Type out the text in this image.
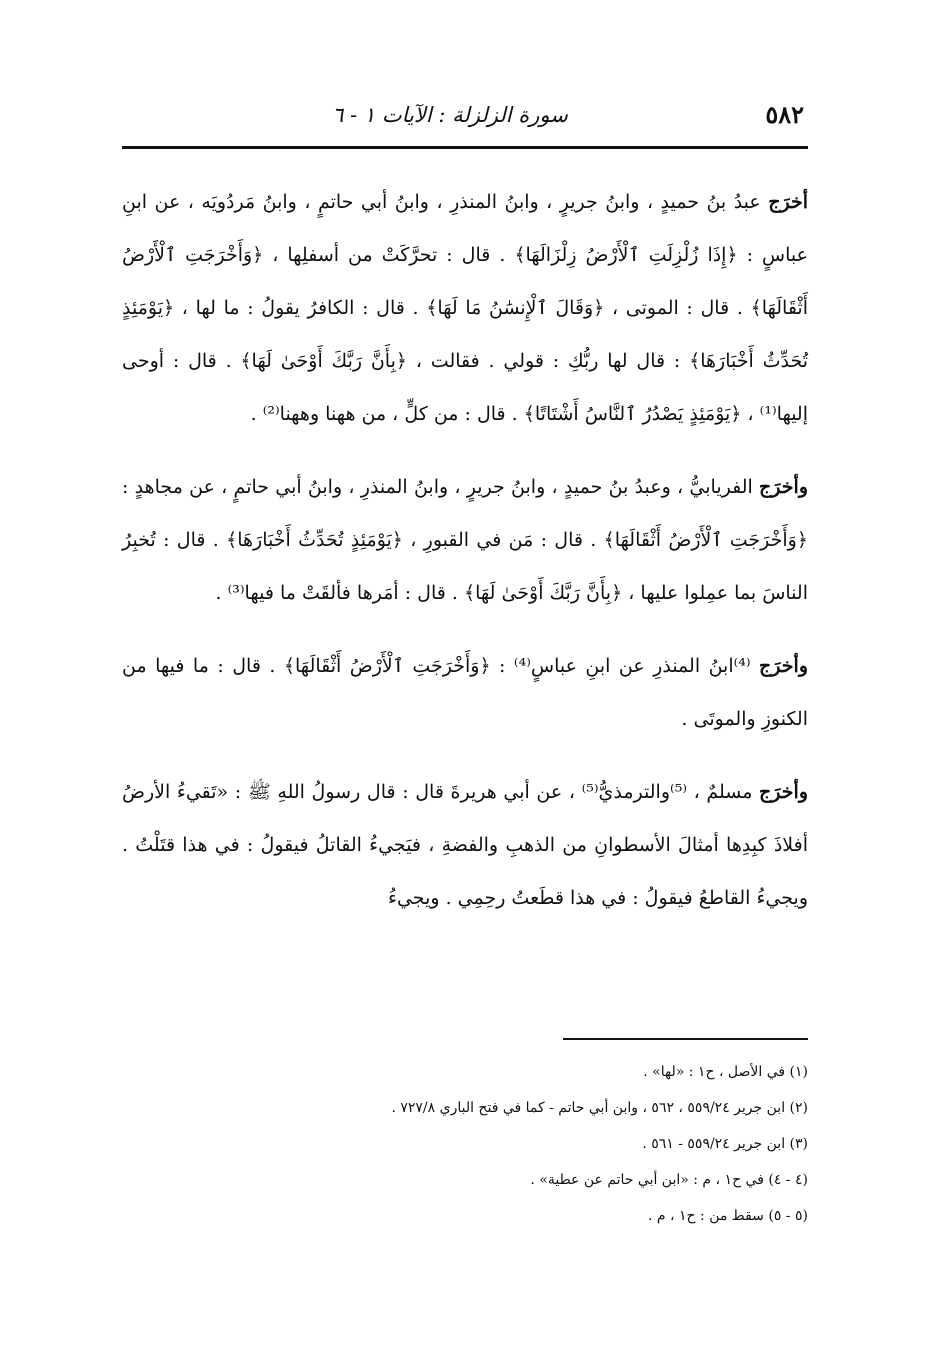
٥٨٢
سورة الزلزلة : الآيات ١ - ٦

أخرَج عبدُ بنُ حميدٍ ، وابنُ جريرٍ ، وابنُ المنذرِ ، وابنُ أبي حاتمٍ ، وابنُ مَردُويَه ، عن ابنِ عباسٍ : ﴿إِذَا زُلْزِلَتِ ٱلْأَرْضُ زِلْزَالَهَا﴾ . قال : تحرَّكَتْ من أسفلِها ، ﴿وَأَخْرَجَتِ ٱلْأَرْضُ أَثْقَالَهَا﴾ . قال : الموتى ، ﴿وَقَالَ ٱلْإِنسَٰنُ مَا لَهَا﴾ . قال : الكافرُ يقولُ : ما لها ، ﴿يَوْمَئِذٍ تُحَدِّثُ أَخْبَارَهَا﴾ : قال لها ربُّكِ : قولي . فقالت ، ﴿بِأَنَّ رَبَّكَ أَوْحَىٰ لَهَا﴾ . قال : أوحى إليها⁽¹⁾ ، ﴿يَوْمَئِذٍ يَصْدُرُ ٱلنَّاسُ أَشْتَاتًا﴾ . قال : من كلٍّ ، من ههنا وههنا⁽²⁾ .

وأخرَج الفريابيُّ ، وعبدُ بنُ حميدٍ ، وابنُ جريرٍ ، وابنُ المنذرِ ، وابنُ أبي حاتمٍ ، عن مجاهدٍ : ﴿وَأَخْرَجَتِ ٱلْأَرْضُ أَثْقَالَهَا﴾ . قال : مَن في القبورِ ، ﴿يَوْمَئِذٍ تُحَدِّثُ أَخْبَارَهَا﴾ . قال : تُخبِرُ الناسَ بما عمِلوا عليها ، ﴿بِأَنَّ رَبَّكَ أَوْحَىٰ لَهَا﴾ . قال : أمَرها فألقَتْ ما فيها⁽³⁾ .

وأخرَج ⁽⁴⁾ابنُ المنذرِ عن ابنِ عباسٍ⁽⁴⁾ : ﴿وَأَخْرَجَتِ ٱلْأَرْضُ أَثْقَالَهَا﴾ . قال : ما فيها من الكنوزِ والموتَى .

وأخرَج مسلمٌ ، ⁽⁵⁾والترمذيُّ⁽⁵⁾ ، عن أبي هريرةَ قال : قال رسولُ اللهِ ﷺ : «تَقيءُ الأرضُ أفلاذَ كبِدِها أمثالَ الأسطوانِ من الذهبِ والفضةِ ، فيَجيءُ القاتلُ فيقولُ : في هذا قتَلْتُ . ويجيءُ القاطعُ فيقولُ : في هذا قطَعتُ رحِمِي . ويجيءُ

(١) في الأصل ، ح١ : «لها» .
(٢) ابن جرير ٥٥٩/٢٤ ، ٥٦٢ ، وابن أبي حاتم - كما في فتح الباري ٧٢٧/٨ .
(٣) ابن جرير ٥٥٩/٢٤ - ٥٦١ .
(٤ - ٤) في ح١ ، م : «ابن أبي حاتم عن عطية» .
(٥ - ٥) سقط من : ح١ ، م .
